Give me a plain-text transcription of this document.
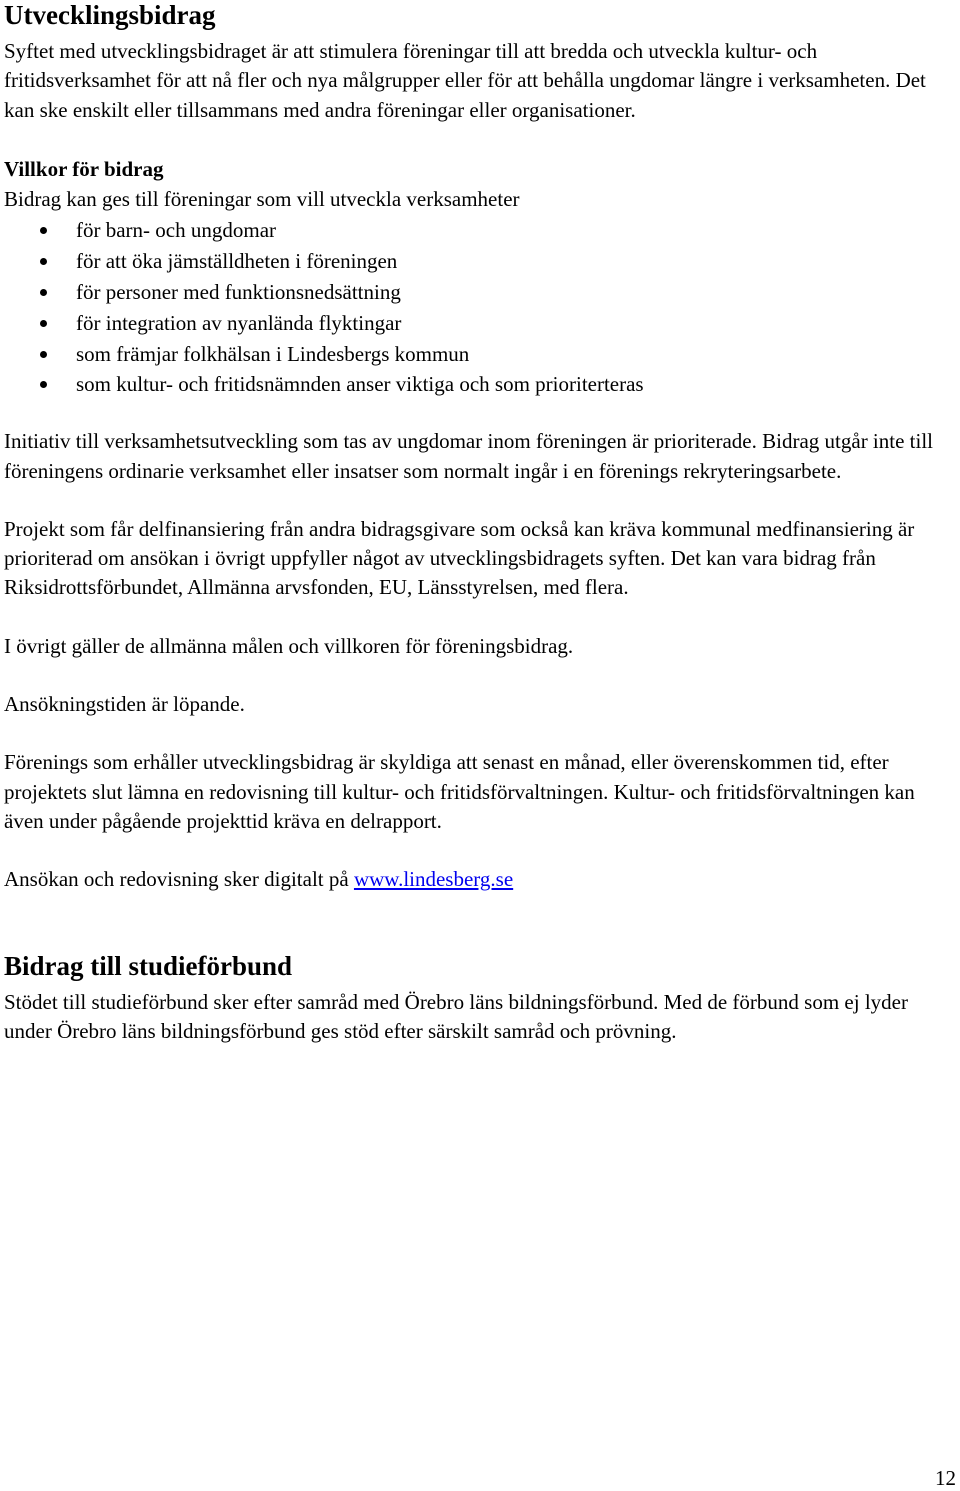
Utvecklingsbidrag

Syftet med utvecklingsbidraget är att stimulera föreningar till att bredda och utveckla kultur- och fritidsverksamhet för att nå fler och nya målgrupper eller för att behålla ungdomar längre i verksamheten. Det kan ske enskilt eller tillsammans med andra föreningar eller organisationer.

Villkor för bidrag

Bidrag kan ges till föreningar som vill utveckla verksamheter

för barn- och ungdomar
för att öka jämställdheten i föreningen
för personer med funktionsnedsättning
för integration av nyanlända flyktingar
som främjar folkhälsan i Lindesbergs kommun
som kultur- och fritidsnämnden anser viktiga och som prioriterteras

Initiativ till verksamhetsutveckling som tas av ungdomar inom föreningen är prioriterade. Bidrag utgår inte till föreningens ordinarie verksamhet eller insatser som normalt ingår i en förenings rekryteringsarbete.

Projekt som får delfinansiering från andra bidragsgivare som också kan kräva kommunal medfinansiering är prioriterad om ansökan i övrigt uppfyller något av utvecklingsbidragets syften. Det kan vara bidrag från Riksidrottsförbundet, Allmänna arvsfonden, EU, Länsstyrelsen, med flera.

I övrigt gäller de allmänna målen och villkoren för föreningsbidrag.

Ansökningstiden är löpande.

Förenings som erhåller utvecklingsbidrag är skyldiga att senast en månad, eller överenskommen tid, efter projektets slut lämna en redovisning till kultur- och fritidsförvaltningen. Kultur- och fritidsförvaltningen kan även under pågående projekttid kräva en delrapport.

Ansökan och redovisning sker digitalt på www.lindesberg.se

Bidrag till studieförbund

Stödet till studieförbund sker efter samråd med Örebro läns bildningsförbund. Med de förbund som ej lyder under Örebro läns bildningsförbund ges stöd efter särskilt samråd och prövning.

12
